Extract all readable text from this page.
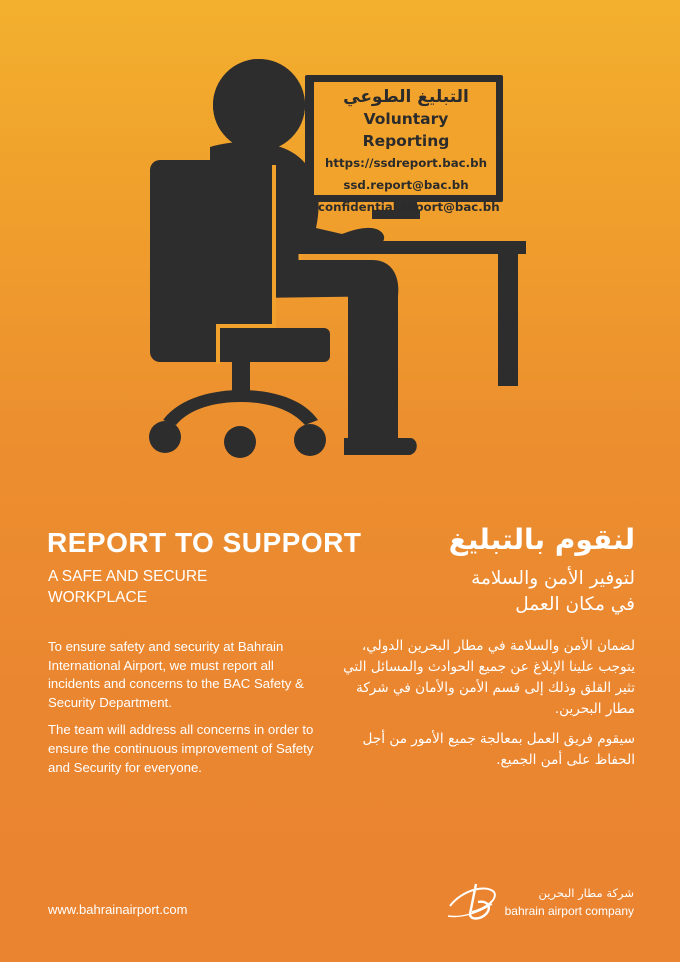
التبليغ الطوعي
Voluntary Reporting
https://ssdreport.bac.bh
ssd.report@bac.bh
confidential.report@bac.bh
REPORT TO SUPPORT
A SAFE AND SECURE
WORKPLACE

To ensure safety and security at Bahrain International Airport, we must report all incidents and concerns to the BAC Safety & Security Department.

The team will address all concerns in order to ensure the continuous improvement of Safety and Security for everyone.

لنقوم بالتبليغ
لتوفير الأمن والسلامة
في مكان العمل

لضمان الأمن والسلامة في مطار البحرين الدولي، يتوجب علينا الإبلاغ عن جميع الحوادث والمسائل التي تثير القلق وذلك إلى قسم الأمن والأمان في شركة مطار البحرين.

سيقوم فريق العمل بمعالجة جميع الأمور من أجل الحفاظ على أمن الجميع.

www.bahrainairport.com
شركة مطار البحرين
bahrain airport company
